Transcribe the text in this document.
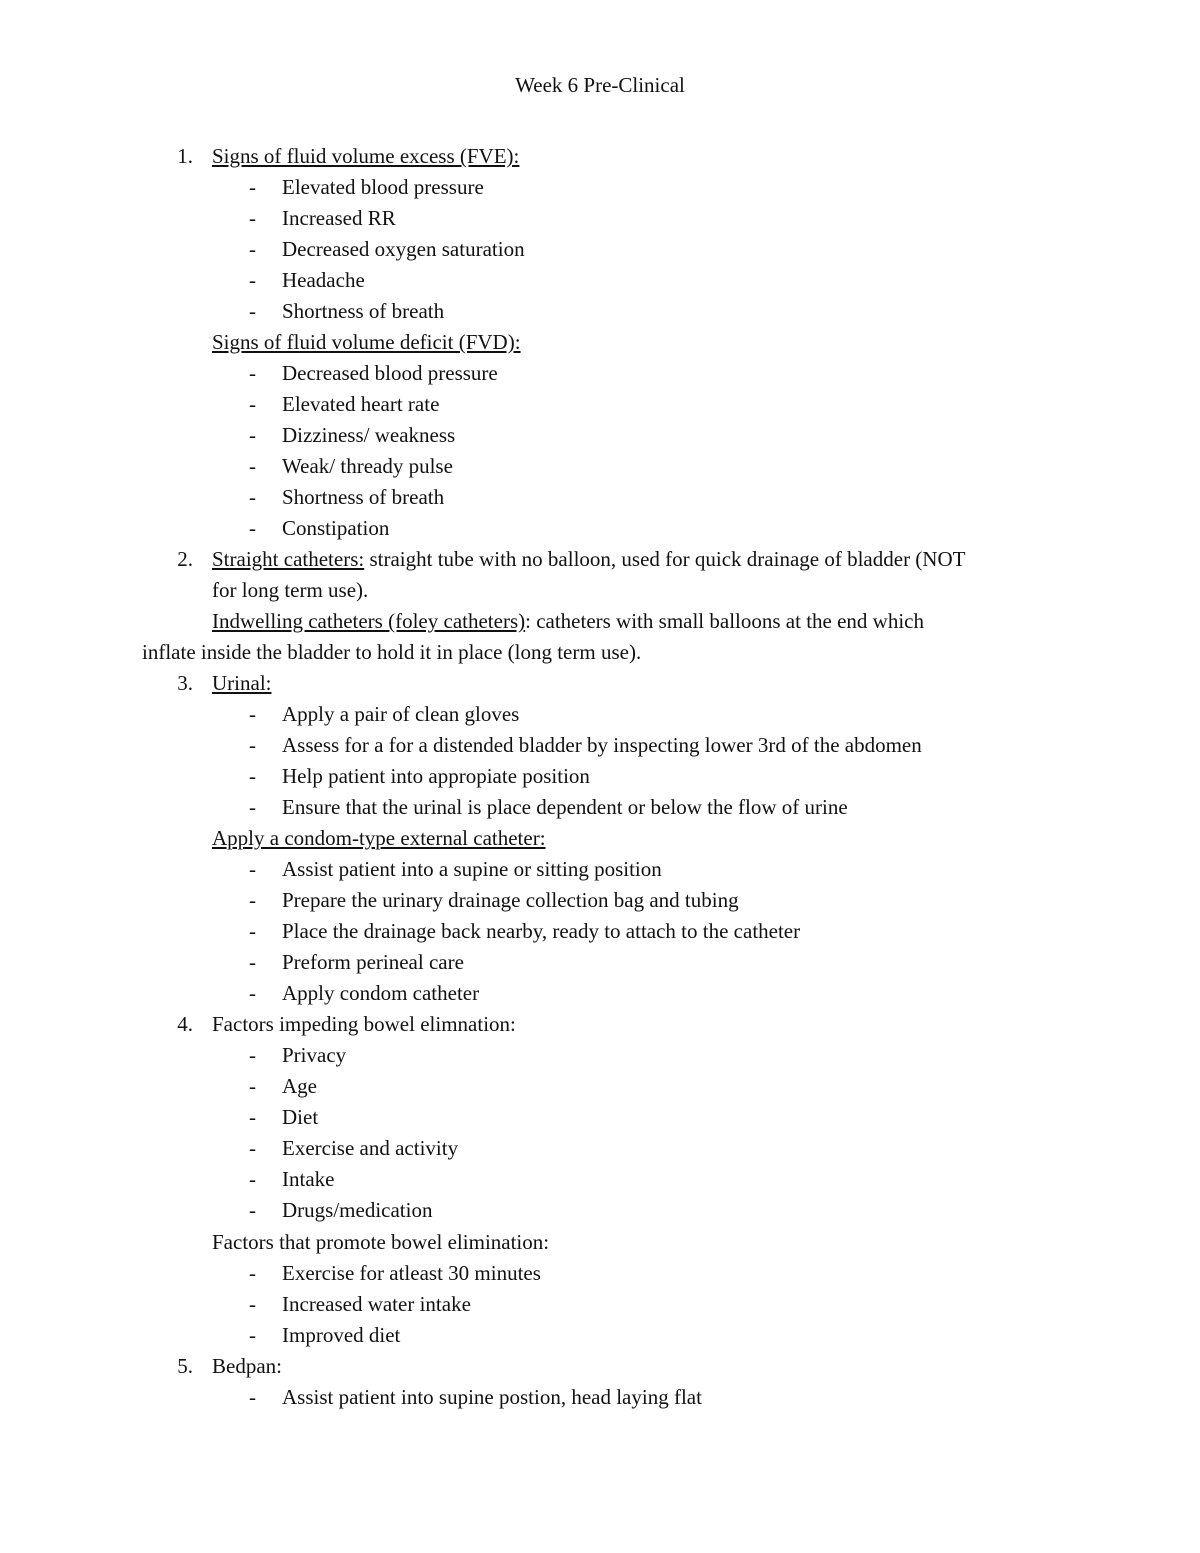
Week 6 Pre-Clinical
1. Signs of fluid volume excess (FVE):
- Elevated blood pressure
- Increased RR
- Decreased oxygen saturation
- Headache
- Shortness of breath
Signs of fluid volume deficit (FVD):
- Decreased blood pressure
- Elevated heart rate
- Dizziness/ weakness
- Weak/ thready pulse
- Shortness of breath
- Constipation
2. Straight catheters: straight tube with no balloon, used for quick drainage of bladder (NOT
for long term use).
Indwelling catheters (foley catheters): catheters with small balloons at the end which
inflate inside the bladder to hold it in place (long term use).
3. Urinal:
- Apply a pair of clean gloves
- Assess for a for a distended bladder by inspecting lower 3rd of the abdomen
- Help patient into appropiate position
- Ensure that the urinal is place dependent or below the flow of urine
Apply a condom-type external catheter:
- Assist patient into a supine or sitting position
- Prepare the urinary drainage collection bag and tubing
- Place the drainage back nearby, ready to attach to the catheter
- Preform perineal care
- Apply condom catheter
4. Factors impeding bowel elimnation:
- Privacy
- Age
- Diet
- Exercise and activity
- Intake
- Drugs/medication
Factors that promote bowel elimination:
- Exercise for atleast 30 minutes
- Increased water intake
- Improved diet
5. Bedpan:
- Assist patient into supine postion, head laying flat
